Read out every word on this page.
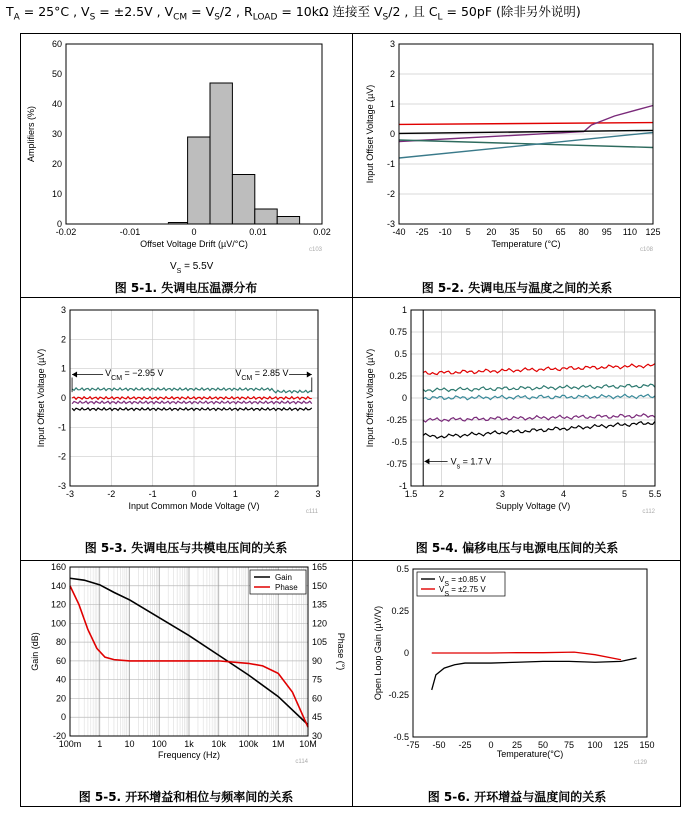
$T_A = 25^\circ C$ , $V_S = \pm 2.5V$ , $V_{CM} = V_S/2$ , $R_{LOAD} = 10k\Omega$ 连接至 $V_S/2$ , 且 $C_L = 50pF$ (除非另外说明)
图 5-1. 失调电压温漂分布	图 5-2. 失调电压与温度之间的关系
图 5-3. 失调电压与共模电压间的关系	图 5-4. 偏移电压与电源电压间的关系
图 5-5. 开环增益和相位与频率间的关系	图 5-6. 开环增益与温度间的关系
-0.02	-0.01	0	0.01	0.02
0
10
20
30
40
50
60
Offset Voltage Drift (µV/°C)
Amplifiers (%)
$V_S = 5.5V$
c103
-3
-2
-1
0
1
2
3
-40 -25 -10 5 20 35 50 65 80 95 110 125
Temperature (°C)
Input Offset Voltage (µV)
c108
-3
-2
-1
0
1
2
3
-3	-2	-1	0	1	2	3
Input Common Mode Voltage (V)
Input Offset Voltage (µV)	$V_{CM} = -2.95$ V	$V_{CM} = 2.85$ V
c111
-1
-0.75
-0.5
-0.25
0
0.25
0.5
0.75
1
1.5 2	3	4	5 5.5
$V_s = 1.7$ V
Supply Voltage (V)
Input Offset Voltage (µV)
c112
-20
0
20
40
60
80
100
120
140
160
30
45
60
75
90
105
120
135
150
165
100m 1 10 100 1k 10k 100k 1M 10M
Gain
Phase
Frequency (Hz)
Gain (dB)	Phase (°)
c114
-0.5
-0.25
0
0.25
0.5
-75 -50 -25 0 25 50 75 100 125 150
$V_S = \pm 0.85$ V
$V_S = \pm 2.75$ V
Temperature(°C)
Open Loop Gain (µV/V)
c129
